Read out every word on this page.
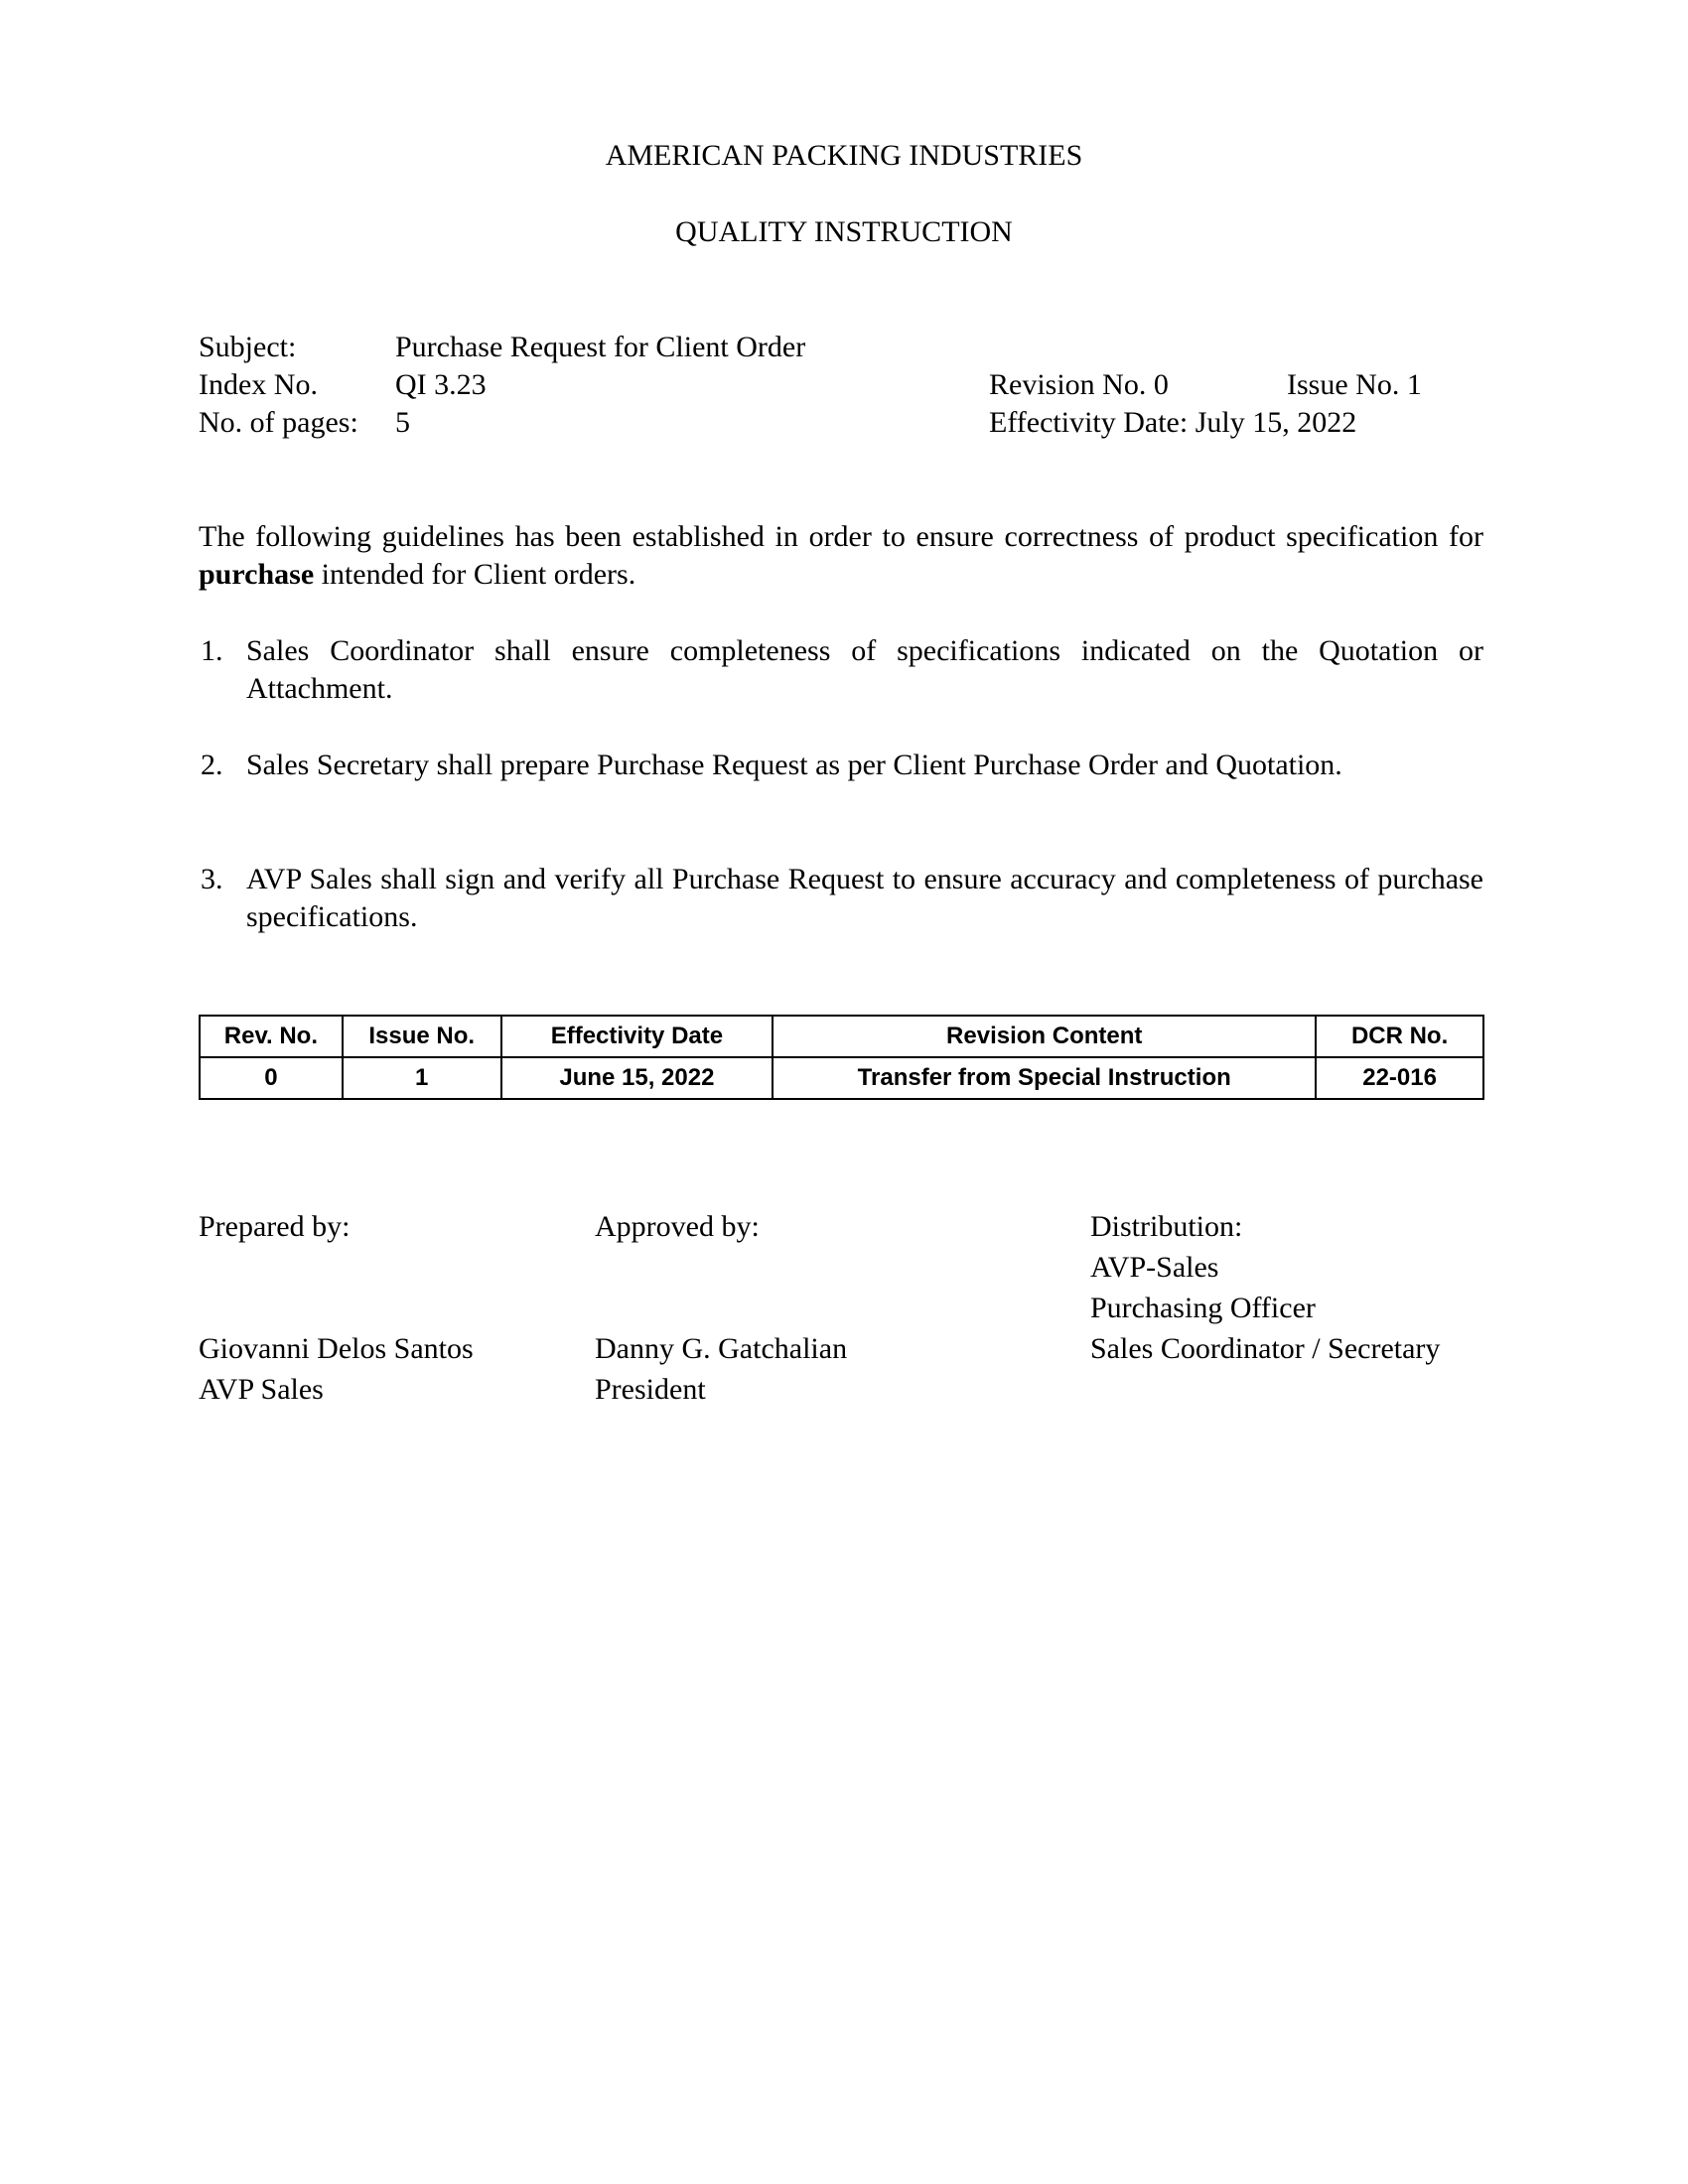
AMERICAN PACKING INDUSTRIES
QUALITY INSTRUCTION
Subject:	Purchase Request for Client Order
Index No.	QI 3.23	Revision No. 0	Issue No. 1
No. of pages: 5	Effectivity Date: July 15, 2022
The following guidelines has been established in order to ensure correctness of product specification for purchase intended for Client orders.
1. Sales Coordinator shall ensure completeness of specifications indicated on the Quotation or Attachment.
2. Sales Secretary shall prepare Purchase Request as per Client Purchase Order and Quotation.
3. AVP Sales shall sign and verify all Purchase Request to ensure accuracy and completeness of purchase specifications.
Rev. No.	Issue No.	Effectivity Date	Revision Content	DCR No.
0	1	June 15, 2022	Transfer from Special Instruction	22-016
Prepared by:	Approved by:	Distribution:
AVP-Sales
Purchasing Officer
Giovanni Delos Santos	Danny G. Gatchalian	Sales Coordinator / Secretary
AVP Sales	President
